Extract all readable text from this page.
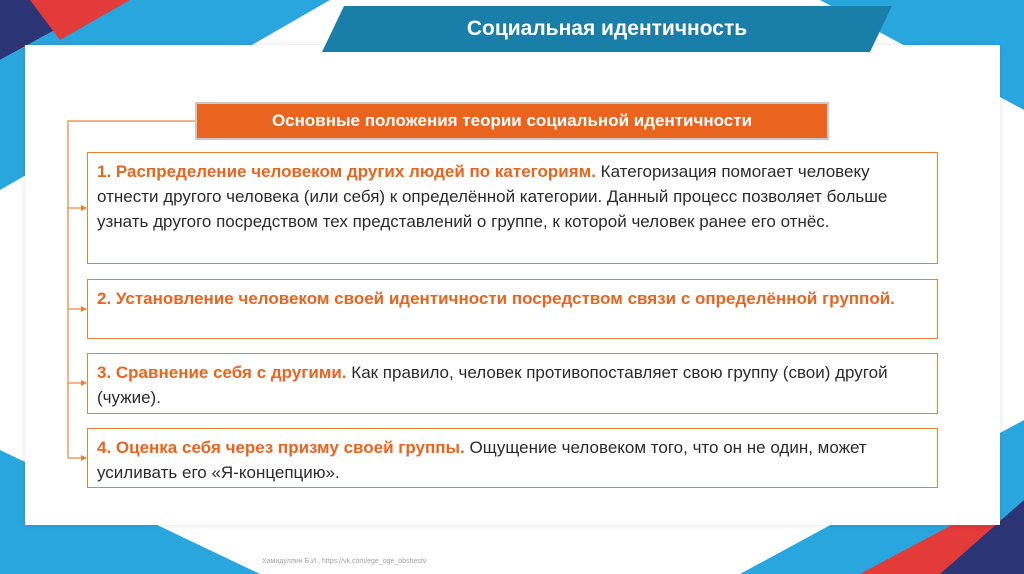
Социальная идентичность
Основные положения теории социальной идентичности
1. Распределение человеком других людей по категориям. Категоризация помогает человеку отнести другого человека (или себя) к определённой категории. Данный процесс позволяет больше узнать другого посредством тех представлений о группе, к которой человек ранее его отнёс.
2. Установление человеком своей идентичности посредством связи с определённой группой.
3. Сравнение себя с другими. Как правило, человек противопоставляет свою группу (свои) другой (чужие).
4. Оценка себя через призму своей группы. Ощущение человеком того, что он не один, может усиливать его «Я-концепцию».
Хамидуллин Б.И., https://vk.com/ege_oge_obshestv
